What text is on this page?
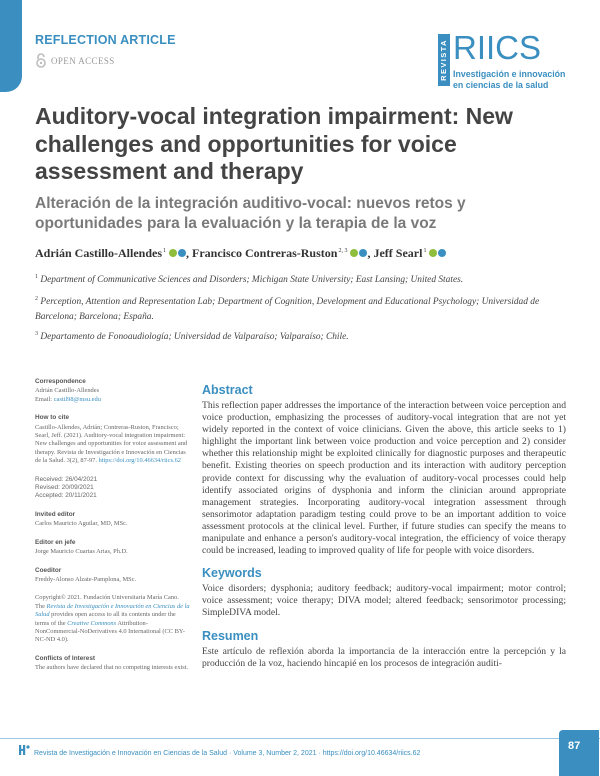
REFLECTION ARTICLE
OPEN ACCESS	REVISTA RIICS
Investigación e innovación
en ciencias de la salud
Auditory-vocal integration impairment: New challenges and opportunities for voice assessment and therapy
Alteración de la integración auditivo-vocal: nuevos retos y oportunidades para la evaluación y la terapia de la voz
Adrián Castillo-Allendes$^1$ , Francisco Contreras-Ruston$^{2, 3}$ , Jeff Searl$^1$

$^1$ Department of Communicative Sciences and Disorders; Michigan State University; East Lansing; United States.

$^2$ Perception, Attention and Representation Lab; Department of Cognition, Development and Educational Psychology; Universidad de Barcelona; Barcelona; España.

$^3$ Departamento de Fonoaudiología; Universidad de Valparaíso; Valparaíso; Chile.

Correspondence
Adrián Castillo-Allendes
Email: castil98@msu.edu
How to cite
Castillo-Allendes, Adrián; Contreras-Ruston, Francisco; Searl, Jeff. (2021). Auditory-vocal integration impairment: New challenges and opportunities for voice assessment and therapy. Revista de Investigación e Innovación en Ciencias de la Salud. 3(2), 87-97. https://doi.org/10.46634/riics.62
Received: 26/04/2021
Revised: 20/09/2021
Accepted: 20/11/2021
Invited editor
Carlos Mauricio Aguilar, MD, MSc.
Editor en jefe
Jorge Mauricio Cuartas Arias, Ph.D.
Coeditor
Freddy-Alonso Alzate-Pamplona, MSc.
Copyright© 2021. Fundación Universitaria María Cano. The Revista de Investigación e Innovación en Ciencias de la Salud provides open access to all its contents under the terms of the Creative Commons Attribution-NonCommercial-NoDerivatives 4.0 International (CC BY-NC-ND 4.0).
Conflicts of Interest
The authors have declared that no competing interests exist.
Abstract

This reflection paper addresses the importance of the interaction between voice perception and voice production, emphasizing the processes of auditory-vocal integration that are not yet widely reported in the context of voice clinicians. Given the above, this article seeks to 1) highlight the important link between voice production and voice perception and 2) consider whether this relationship might be exploited clinically for diagnostic purposes and therapeutic benefit. Existing theories on speech production and its interaction with auditory perception provide context for discussing why the evaluation of auditory-vocal processes could help identify associated origins of dysphonia and inform the clinician around appropriate management strategies. Incorporating auditory-vocal integration assessment through sensorimotor adaptation paradigm testing could prove to be an important addition to voice assessment protocols at the clinical level. Further, if future studies can specify the means to manipulate and enhance a person's auditory-vocal integration, the efficiency of voice therapy could be increased, leading to improved quality of life for people with voice disorders.

Keywords

Voice disorders; dysphonia; auditory feedback; auditory-vocal impairment; motor control; voice assessment; voice therapy; DIVA model; altered feedback; sensorimotor processing; SimpleDIVA model.

Resumen

Este artículo de reflexión aborda la importancia de la interacción entre la percepción y la producción de la voz, haciendo hincapié en los procesos de integración auditi-

Revista de Investigación e Innovación en Ciencias de la Salud · Volume 3, Number 2, 2021 · https://doi.org/10.46634/riics.62
87
